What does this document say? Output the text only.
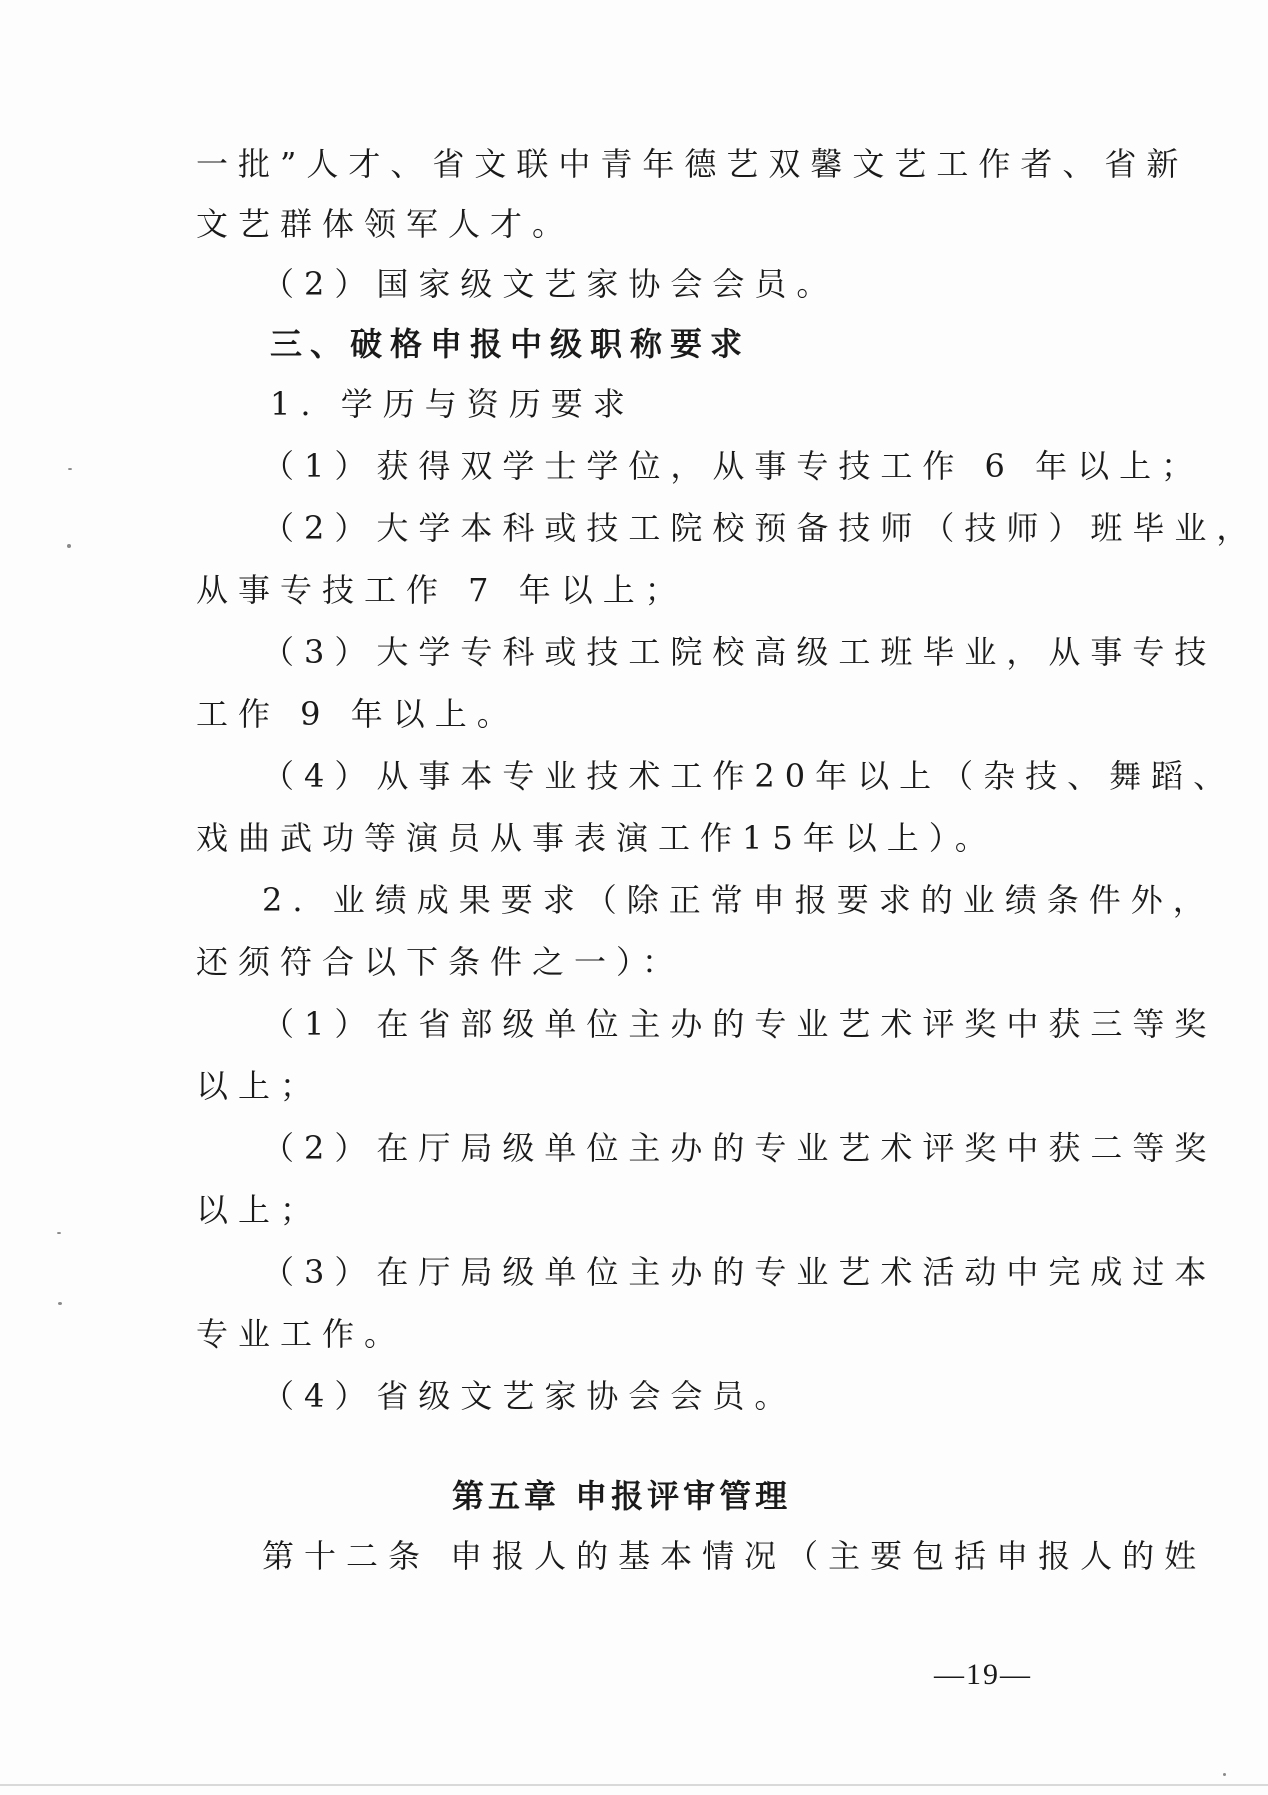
一批”人才、省文联中青年德艺双馨文艺工作者、省新
文艺群体领军人才。
（2）国家级文艺家协会会员。
三、破格申报中级职称要求
1. 学历与资历要求
（1）获得双学士学位，从事专技工作 6 年以上；
（2）大学本科或技工院校预备技师（技师）班毕业，
从事专技工作 7 年以上；
（3）大学专科或技工院校高级工班毕业，从事专技
工作 9 年以上。
（4）从事本专业技术工作20年以上（杂技、舞蹈、
戏曲武功等演员从事表演工作15年以上）。
2. 业绩成果要求（除正常申报要求的业绩条件外，
还须符合以下条件之一）：
（1）在省部级单位主办的专业艺术评奖中获三等奖
以上；
（2）在厅局级单位主办的专业艺术评奖中获二等奖
以上；
（3）在厅局级单位主办的专业艺术活动中完成过本
专业工作。
（4）省级文艺家协会会员。
第五章 申报评审管理
第十二条 申报人的基本情况（主要包括申报人的姓
—19—
